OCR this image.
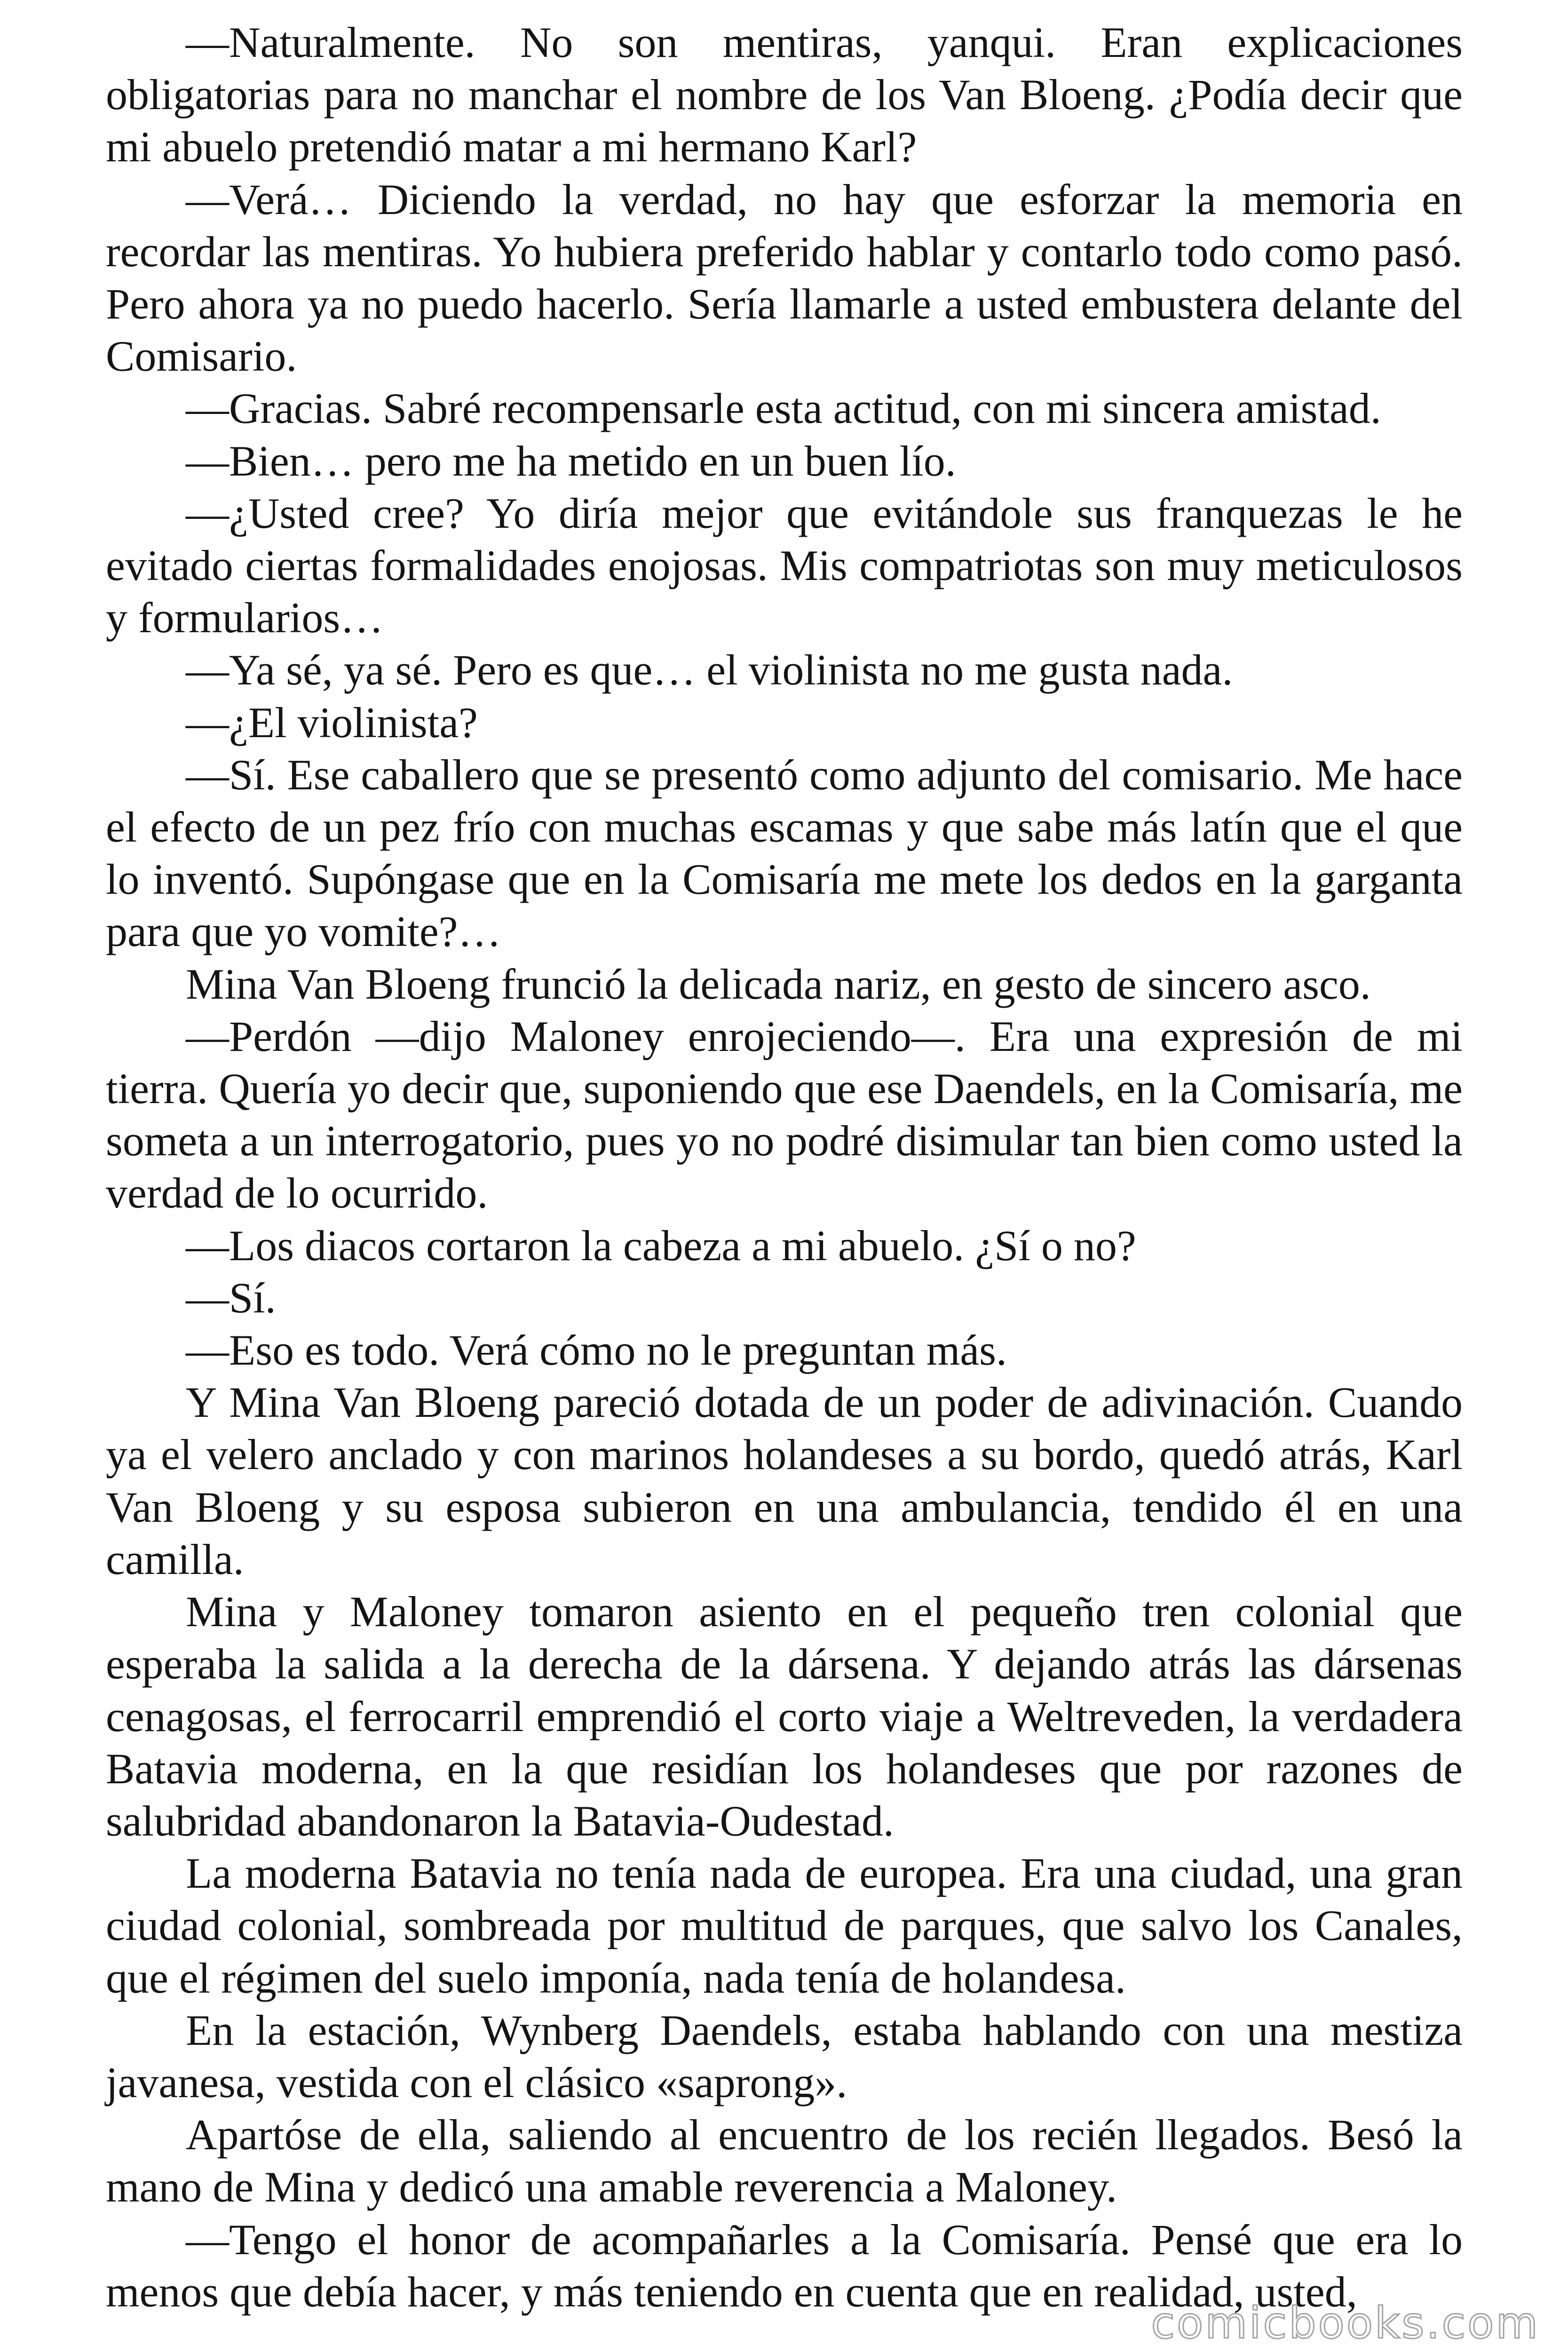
—Naturalmente. No son mentiras, yanqui. Eran explicaciones obligatorias para no manchar el nombre de los Van Bloeng. ¿Podía decir que mi abuelo pretendió matar a mi hermano Karl?

—Verá… Diciendo la verdad, no hay que esforzar la memoria en recordar las mentiras. Yo hubiera preferido hablar y contarlo todo como pasó. Pero ahora ya no puedo hacerlo. Sería llamarle a usted embustera delante del Comisario.

—Gracias. Sabré recompensarle esta actitud, con mi sincera amistad.

—Bien… pero me ha metido en un buen lío.

—¿Usted cree? Yo diría mejor que evitándole sus franquezas le he evitado ciertas formalidades enojosas. Mis compatriotas son muy meticulosos y formularios…

—Ya sé, ya sé. Pero es que… el violinista no me gusta nada.

—¿El violinista?

—Sí. Ese caballero que se presentó como adjunto del comisario. Me hace el efecto de un pez frío con muchas escamas y que sabe más latín que el que lo inventó. Supóngase que en la Comisaría me mete los dedos en la garganta para que yo vomite?…

Mina Van Bloeng frunció la delicada nariz, en gesto de sincero asco.

—Perdón —dijo Maloney enrojeciendo—. Era una expresión de mi tierra. Quería yo decir que, suponiendo que ese Daendels, en la Comisaría, me someta a un interrogatorio, pues yo no podré disimular tan bien como usted la verdad de lo ocurrido.

—Los diacos cortaron la cabeza a mi abuelo. ¿Sí o no?

—Sí.

—Eso es todo. Verá cómo no le preguntan más.

Y Mina Van Bloeng pareció dotada de un poder de adivinación. Cuando ya el velero anclado y con marinos holandeses a su bordo, quedó atrás, Karl Van Bloeng y su esposa subieron en una ambulancia, tendido él en una camilla.

Mina y Maloney tomaron asiento en el pequeño tren colonial que esperaba la salida a la derecha de la dársena. Y dejando atrás las dársenas cenagosas, el ferrocarril emprendió el corto viaje a Weltreveden, la verdadera Batavia moderna, en la que residían los holandeses que por razones de salubridad abandonaron la Batavia-Oudestad.

La moderna Batavia no tenía nada de europea. Era una ciudad, una gran ciudad colonial, sombreada por multitud de parques, que salvo los Canales, que el régimen del suelo imponía, nada tenía de holandesa.

En la estación, Wynberg Daendels, estaba hablando con una mestiza javanesa, vestida con el clásico «saprong».

Apartóse de ella, saliendo al encuentro de los recién llegados. Besó la mano de Mina y dedicó una amable reverencia a Maloney.

—Tengo el honor de acompañarles a la Comisaría. Pensé que era lo menos que debía hacer, y más teniendo en cuenta que en realidad, usted,

comicbooks.com
